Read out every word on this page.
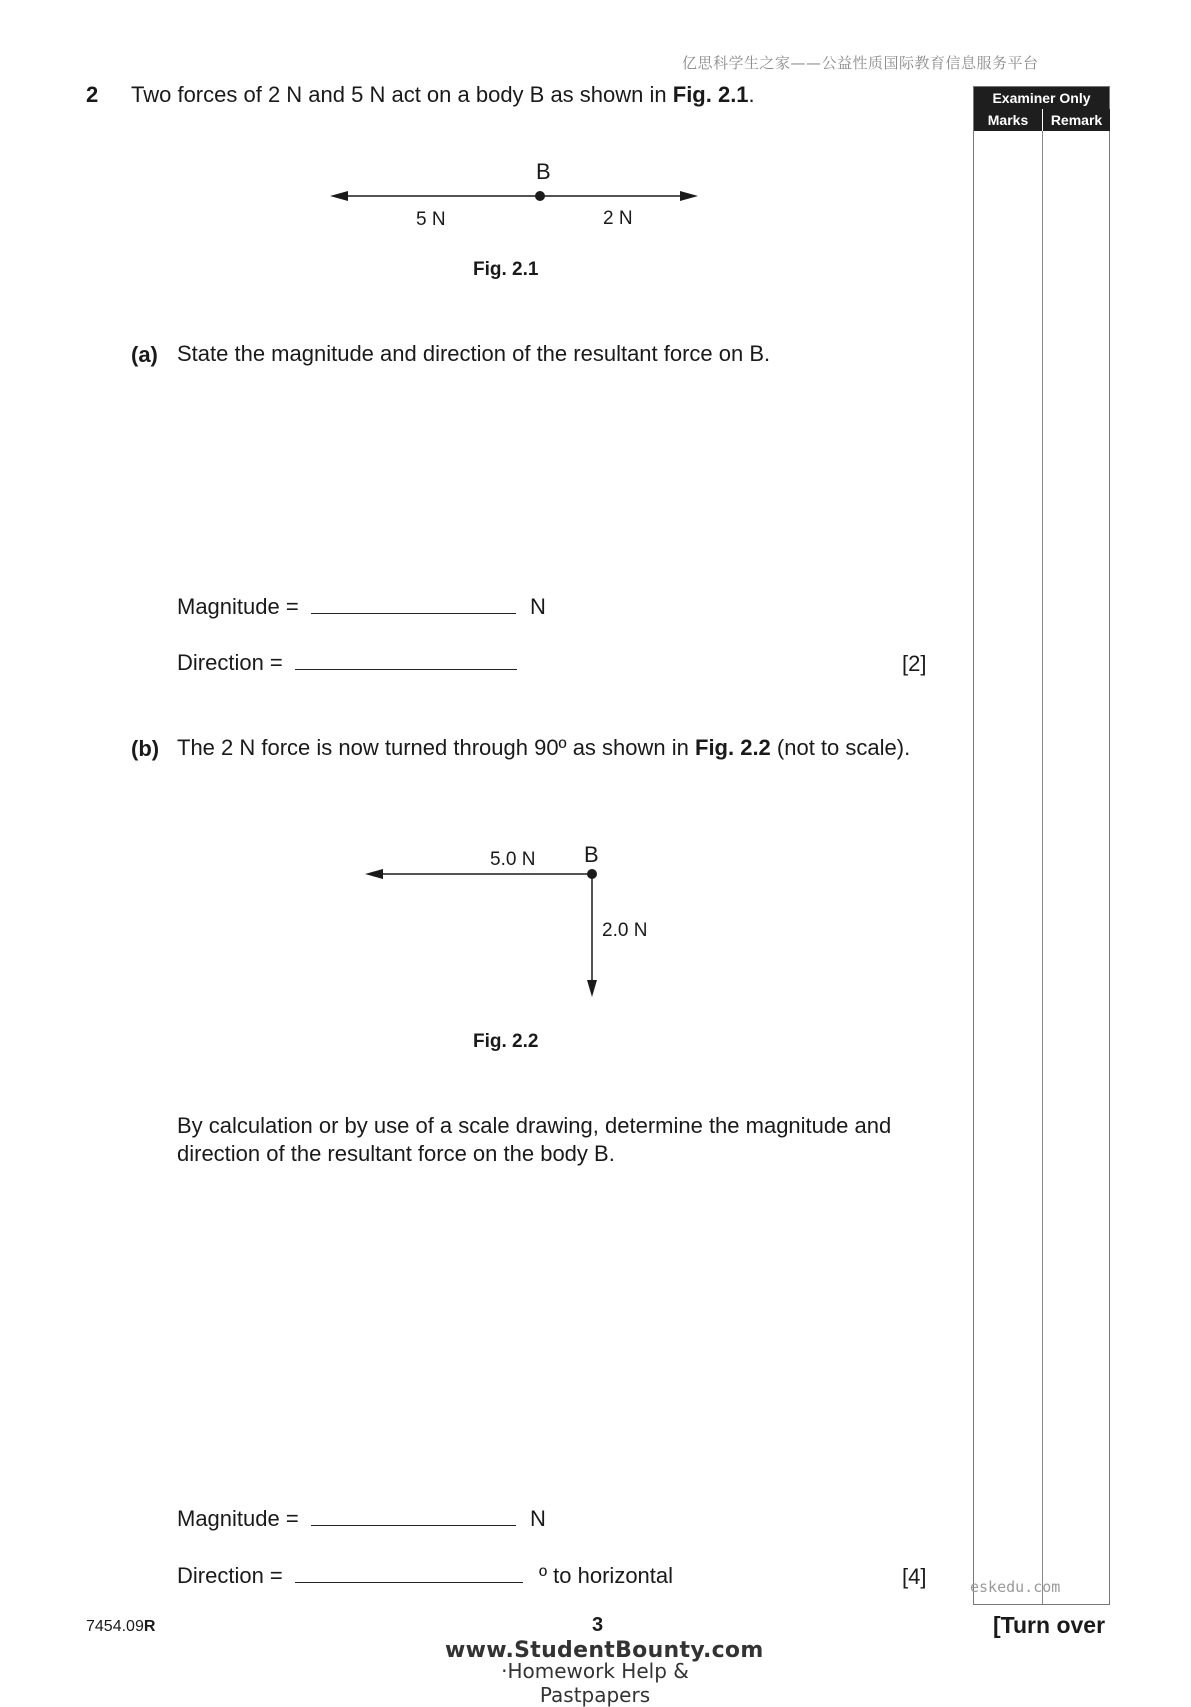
亿思科学生之家——公益性质国际教育信息服务平台
2 Two forces of 2 N and 5 N act on a body B as shown in Fig. 2.1.	Examiner Only
Marks	Remark
B
5 N	2 N
Fig. 2.1
(a) State the magnitude and direction of the resultant force on B.
Magnitude =	N
Direction =	[2]
(b) The 2 N force is now turned through 90º as shown in Fig. 2.2 (not to scale).
5.0 N B
2.0 N
Fig. 2.2
By calculation or by use of a scale drawing, determine the magnitude and direction of the resultant force on the body B.
Magnitude =	N
Direction =	º to horizontal	[4]	eskedu.com
7454.09R	3	[Turn over
www.StudentBounty.com
·Homework Help & Pastpapers
